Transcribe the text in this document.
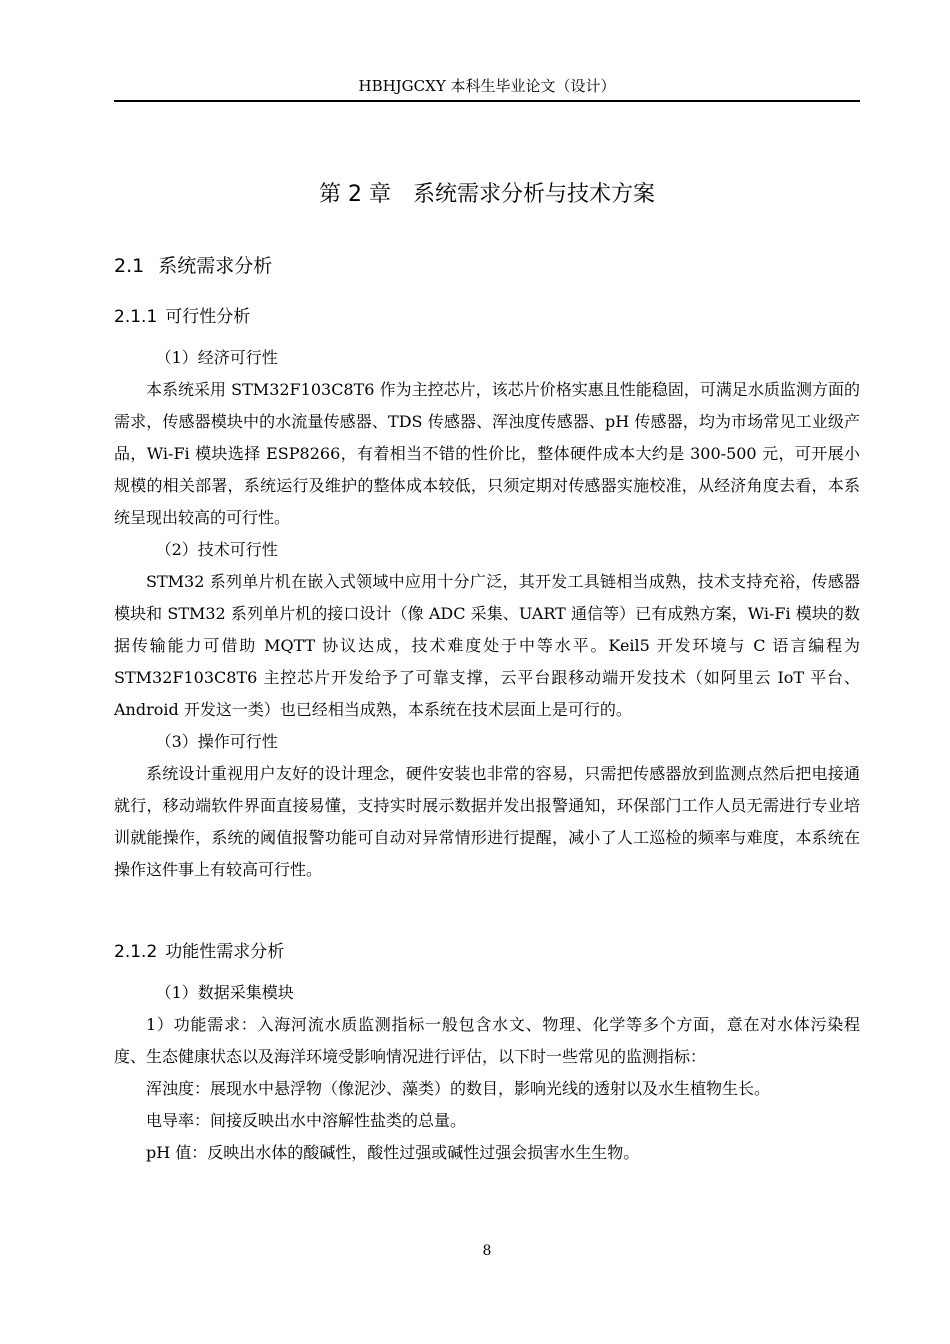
HBHJGCXY 本科生毕业论文（设计）
第 2 章　系统需求分析与技术方案
2.1 系统需求分析
2.1.1 可行性分析

（1）经济可行性

本系统采用 STM32F103C8T6 作为主控芯片，该芯片价格实惠且性能稳固，可满足水质监测方面的需求，传感器模块中的水流量传感器、TDS 传感器、浑浊度传感器、pH 传感器，均为市场常见工业级产品，Wi-Fi 模块选择 ESP8266，有着相当不错的性价比，整体硬件成本大约是 300-500 元，可开展小规模的相关部署，系统运行及维护的整体成本较低，只须定期对传感器实施校准，从经济角度去看，本系统呈现出较高的可行性。

（2）技术可行性

STM32 系列单片机在嵌入式领域中应用十分广泛，其开发工具链相当成熟，技术支持充裕，传感器模块和 STM32 系列单片机的接口设计（像 ADC 采集、UART 通信等）已有成熟方案，Wi-Fi 模块的数据传输能力可借助 MQTT 协议达成，技术难度处于中等水平。Keil5 开发环境与 C 语言编程为 STM32F103C8T6 主控芯片开发给予了可靠支撑，云平台跟移动端开发技术（如阿里云 IoT 平台、Android 开发这一类）也已经相当成熟，本系统在技术层面上是可行的。

（3）操作可行性

系统设计重视用户友好的设计理念，硬件安装也非常的容易，只需把传感器放到监测点然后把电接通就行，移动端软件界面直接易懂，支持实时展示数据并发出报警通知，环保部门工作人员无需进行专业培训就能操作，系统的阈值报警功能可自动对异常情形进行提醒，减小了人工巡检的频率与难度，本系统在操作这件事上有较高可行性。

2.1.2 功能性需求分析

（1）数据采集模块

1）功能需求：入海河流水质监测指标一般包含水文、物理、化学等多个方面，意在对水体污染程度、生态健康状态以及海洋环境受影响情况进行评估，以下时一些常见的监测指标：

浑浊度：展现水中悬浮物（像泥沙、藻类）的数目，影响光线的透射以及水生植物生长。

电导率：间接反映出水中溶解性盐类的总量。

pH 值：反映出水体的酸碱性，酸性过强或碱性过强会损害水生生物。

8
